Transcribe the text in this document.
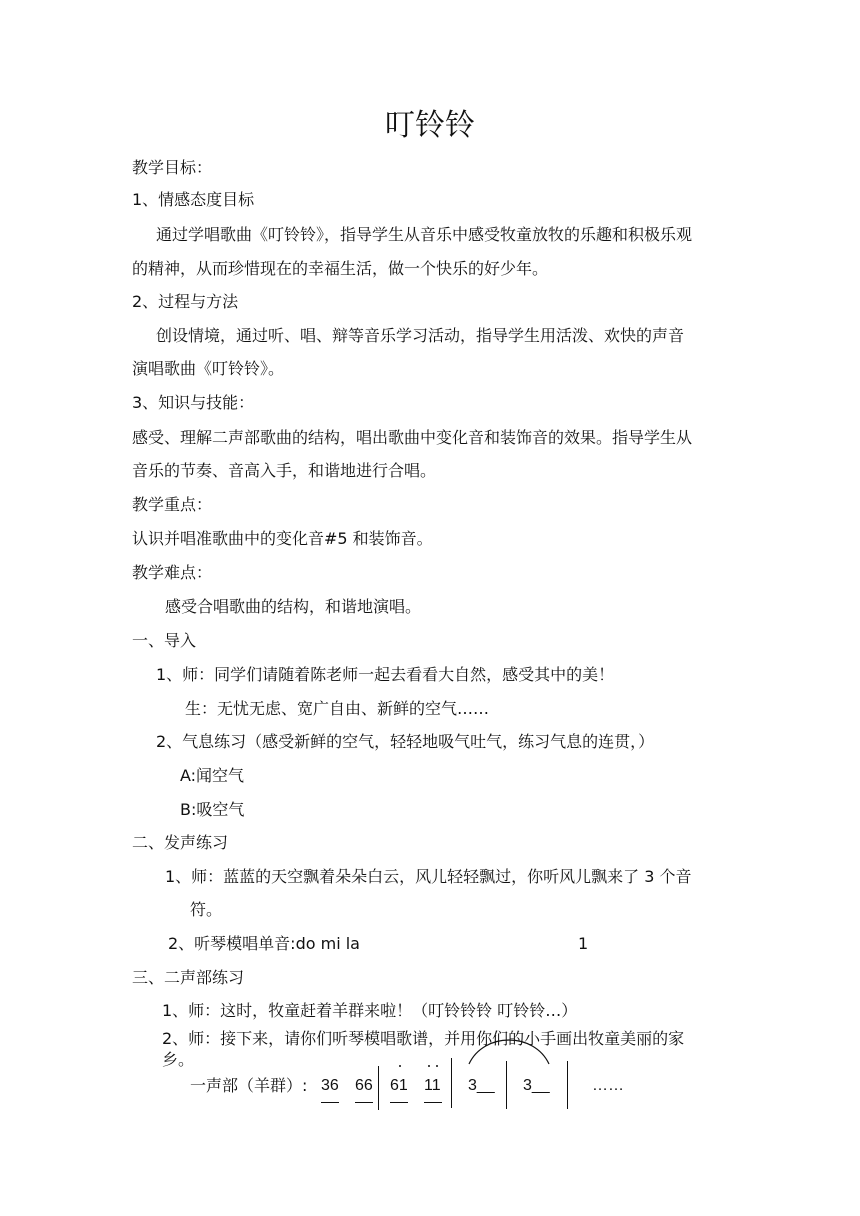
叮铃铃
教学目标：
1、情感态度目标
通过学唱歌曲《叮铃铃》，指导学生从音乐中感受牧童放牧的乐趣和积极乐观
的精神，从而珍惜现在的幸福生活，做一个快乐的好少年。
2、过程与方法
创设情境，通过听、唱、辩等音乐学习活动，指导学生用活泼、欢快的声音
演唱歌曲《叮铃铃》。
3、知识与技能：
感受、理解二声部歌曲的结构，唱出歌曲中变化音和装饰音的效果。指导学生从
音乐的节奏、音高入手，和谐地进行合唱。
教学重点：
认识并唱准歌曲中的变化音#5 和装饰音。
教学难点：
感受合唱歌曲的结构，和谐地演唱。
一、导入
1、师：同学们请随着陈老师一起去看看大自然，感受其中的美！
生：无忧无虑、宽广自由、新鲜的空气……
2、气息练习（感受新鲜的空气，轻轻地吸气吐气，练习气息的连贯，）
A:闻空气
B:吸空气
二、发声练习
1、师：蓝蓝的天空飘着朵朵白云，风儿轻轻飘过，你听风儿飘来了 3 个音
符。
2、听琴模唱单音:do mi la	1
三、二声部练习
1、师：这时，牧童赶着羊群来啦！（叮铃铃铃 叮铃铃…）
2、师：接下来，请你们听琴模唱歌谱，并用你们的小手画出牧童美丽的家
乡。
一声部（羊群）: 36 66 61 11 3__ 3__	……
